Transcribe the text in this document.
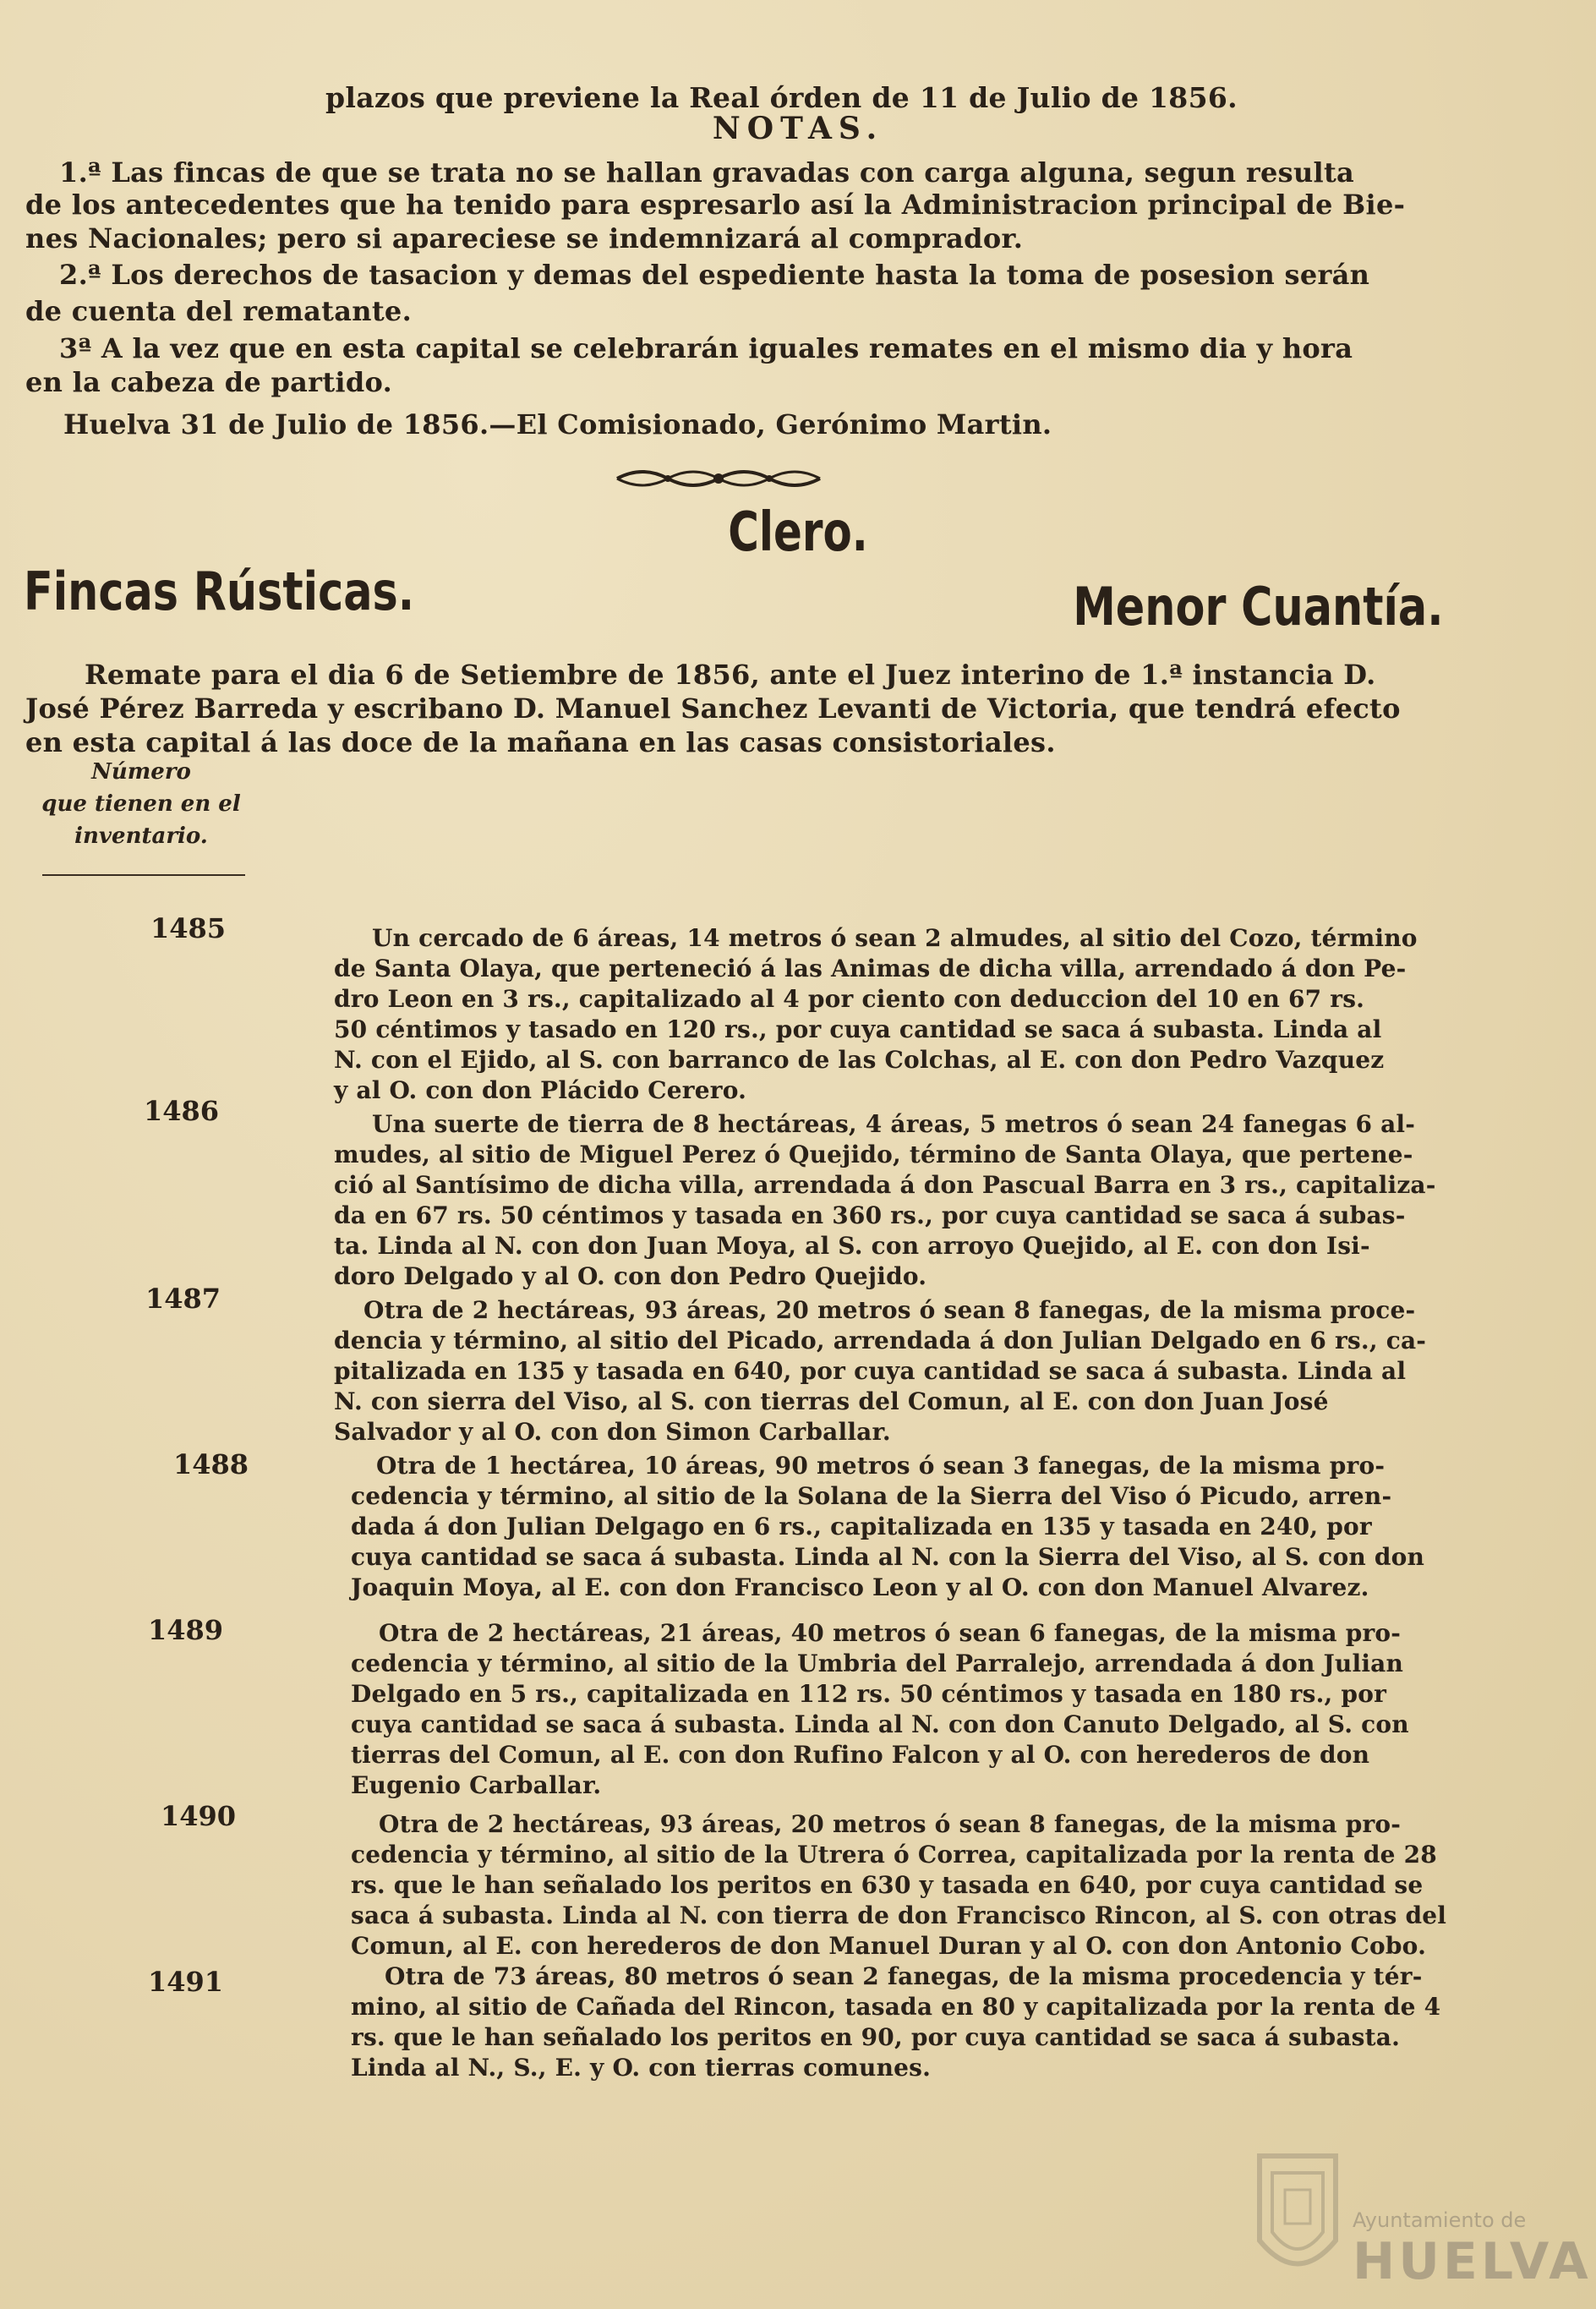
plazos que previene la Real órden de 11 de Julio de 1856.
NOTAS.
1.ª Las fincas de que se trata no se hallan gravadas con carga alguna, segun resulta
de los antecedentes que ha tenido para espresarlo así la Administracion principal de Bie-
nes Nacionales; pero si apareciese se indemnizará al comprador.
2.ª Los derechos de tasacion y demas del espediente hasta la toma de posesion serán
de cuenta del rematante.
3ª A la vez que en esta capital se celebrarán iguales remates en el mismo dia y hora
en la cabeza de partido.
Huelva 31 de Julio de 1856.—El Comisionado, Gerónimo Martin.
Clero.
Fincas Rústicas.	Menor Cuantía.
Remate para el dia 6 de Setiembre de 1856, ante el Juez interino de 1.ª instancia D.
José Pérez Barreda y escribano D. Manuel Sanchez Levanti de Victoria, que tendrá efecto
en esta capital á las doce de la mañana en las casas consistoriales.
Número
que tienen en el
inventario.
1485	Un cercado de 6 áreas, 14 metros ó sean 2 almudes, al sitio del Cozo, término
de Santa Olaya, que perteneció á las Animas de dicha villa, arrendado á don Pe-
dro Leon en 3 rs., capitalizado al 4 por ciento con deduccion del 10 en 67 rs.
50 céntimos y tasado en 120 rs., por cuya cantidad se saca á subasta. Linda al
N. con el Ejido, al S. con barranco de las Colchas, al E. con don Pedro Vazquez
y al O. con don Plácido Cerero.
1486	Una suerte de tierra de 8 hectáreas, 4 áreas, 5 metros ó sean 24 fanegas 6 al-
mudes, al sitio de Miguel Perez ó Quejido, término de Santa Olaya, que pertene-
ció al Santísimo de dicha villa, arrendada á don Pascual Barra en 3 rs., capitaliza-
da en 67 rs. 50 céntimos y tasada en 360 rs., por cuya cantidad se saca á subas-
ta. Linda al N. con don Juan Moya, al S. con arroyo Quejido, al E. con don Isi-
doro Delgado y al O. con don Pedro Quejido.
1487	Otra de 2 hectáreas, 93 áreas, 20 metros ó sean 8 fanegas, de la misma proce-
dencia y término, al sitio del Picado, arrendada á don Julian Delgado en 6 rs., ca-
pitalizada en 135 y tasada en 640, por cuya cantidad se saca á subasta. Linda al
N. con sierra del Viso, al S. con tierras del Comun, al E. con don Juan José
Salvador y al O. con don Simon Carballar.
1488	Otra de 1 hectárea, 10 áreas, 90 metros ó sean 3 fanegas, de la misma pro-
cedencia y término, al sitio de la Solana de la Sierra del Viso ó Picudo, arren-
dada á don Julian Delgago en 6 rs., capitalizada en 135 y tasada en 240, por
cuya cantidad se saca á subasta. Linda al N. con la Sierra del Viso, al S. con don
Joaquin Moya, al E. con don Francisco Leon y al O. con don Manuel Alvarez.
1489	Otra de 2 hectáreas, 21 áreas, 40 metros ó sean 6 fanegas, de la misma pro-
cedencia y término, al sitio de la Umbria del Parralejo, arrendada á don Julian
Delgado en 5 rs., capitalizada en 112 rs. 50 céntimos y tasada en 180 rs., por
cuya cantidad se saca á subasta. Linda al N. con don Canuto Delgado, al S. con
tierras del Comun, al E. con don Rufino Falcon y al O. con herederos de don
Eugenio Carballar.
1490	Otra de 2 hectáreas, 93 áreas, 20 metros ó sean 8 fanegas, de la misma pro-
cedencia y término, al sitio de la Utrera ó Correa, capitalizada por la renta de 28
rs. que le han señalado los peritos en 630 y tasada en 640, por cuya cantidad se
saca á subasta. Linda al N. con tierra de don Francisco Rincon, al S. con otras del
Comun, al E. con herederos de don Manuel Duran y al O. con don Antonio Cobo.
1491	Otra de 73 áreas, 80 metros ó sean 2 fanegas, de la misma procedencia y tér-
mino, al sitio de Cañada del Rincon, tasada en 80 y capitalizada por la renta de 4
rs. que le han señalado los peritos en 90, por cuya cantidad se saca á subasta.
Linda al N., S., E. y O. con tierras comunes.
Ayuntamiento de
HUELVA
